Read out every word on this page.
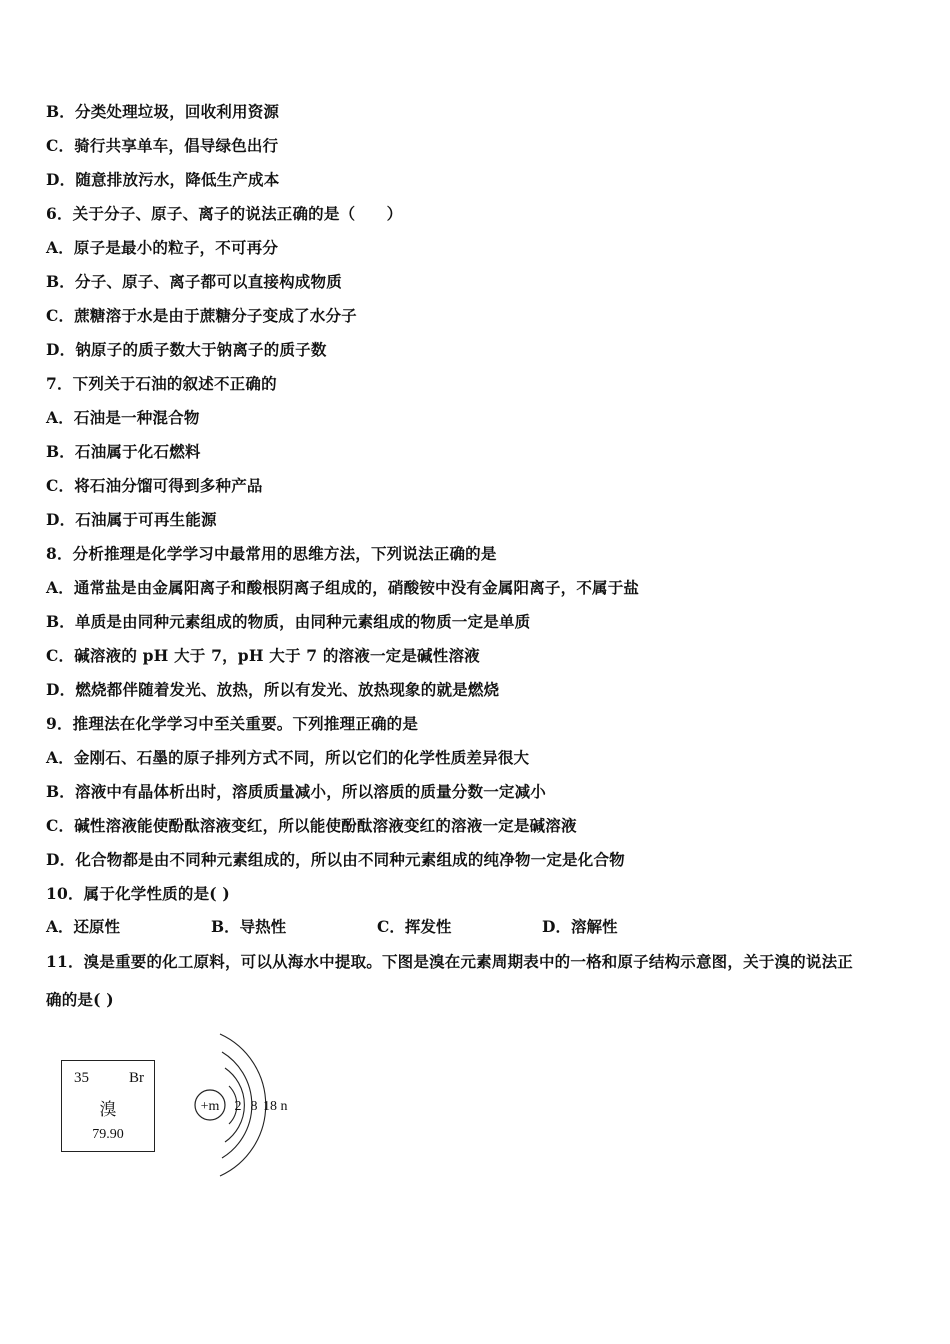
B．分类处理垃圾，回收利用资源
C．骑行共享单车，倡导绿色出行
D．随意排放污水，降低生产成本
6．关于分子、原子、离子的说法正确的是（　　）
A．原子是最小的粒子，不可再分
B．分子、原子、离子都可以直接构成物质
C．蔗糖溶于水是由于蔗糖分子变成了水分子
D．钠原子的质子数大于钠离子的质子数
7．下列关于石油的叙述不正确的
A．石油是一种混合物
B．石油属于化石燃料
C．将石油分馏可得到多种产品
D．石油属于可再生能源
8．分析推理是化学学习中最常用的思维方法，下列说法正确的是
A．通常盐是由金属阳离子和酸根阴离子组成的，硝酸铵中没有金属阳离子，不属于盐
B．单质是由同种元素组成的物质，由同种元素组成的物质一定是单质
C．碱溶液的 pH 大于 7，pH 大于 7 的溶液一定是碱性溶液
D．燃烧都伴随着发光、放热，所以有发光、放热现象的就是燃烧
9．推理法在化学学习中至关重要。下列推理正确的是
A．金刚石、石墨的原子排列方式不同，所以它们的化学性质差异很大
B．溶液中有晶体析出时，溶质质量减小，所以溶质的质量分数一定减小
C．碱性溶液能使酚酞溶液变红，所以能使酚酞溶液变红的溶液一定是碱溶液
D．化合物都是由不同种元素组成的，所以由不同种元素组成的纯净物一定是化合物
10．属于化学性质的是( )
A．还原性	B．导热性	C．挥发性	D．溶解性
11．溴是重要的化工原料，可以从海水中提取。下图是溴在元素周期表中的一格和原子结构示意图，关于溴的说法正
确的是( )
35	Br
溴
79.90
+m 2 8 18 n
